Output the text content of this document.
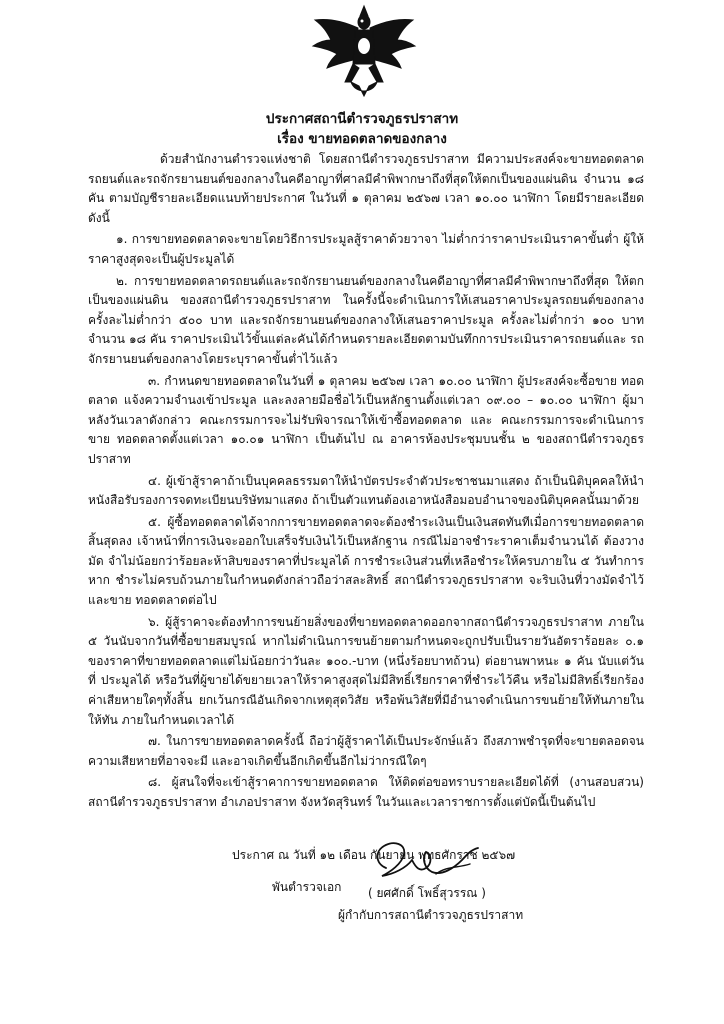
ประกาศสถานีตำรวจภูธรปราสาท
เรื่อง ขายทอดตลาดของกลาง

ด้วยสำนักงานตำรวจแห่งชาติ โดยสถานีตำรวจภูธรปราสาท มีความประสงค์จะขายทอดตลาด รถยนต์และรถจักรยานยนต์ของกลางในคดีอาญาที่ศาลมีคำพิพากษาถึงที่สุดให้ตกเป็นของแผ่นดิน จำนวน ๑๘ คัน ตามบัญชีรายละเอียดแนบท้ายประกาศ ในวันที่ ๑ ตุลาคม ๒๕๖๗ เวลา ๑๐.๐๐ นาฬิกา โดยมีรายละเอียด ดังนี้

๑. การขายทอดตลาดจะขายโดยวิธีการประมูลสู้ราคาด้วยวาจา ไม่ต่ำกว่าราคาประเมินราคาขั้นต่ำ ผู้ให้ราคาสูงสุดจะเป็นผู้ประมูลได้

๒. การขายทอดตลาดรถยนต์และรถจักรยานยนต์ของกลางในคดีอาญาที่ศาลมีคำพิพากษาถึงที่สุด ให้ตกเป็นของแผ่นดิน ของสถานีตำรวจภูธรปราสาท ในครั้งนี้จะดำเนินการให้เสนอราคาประมูลรถยนต์ของกลาง ครั้งละไม่ต่ำกว่า ๕๐๐ บาท และรถจักรยานยนต์ของกลางให้เสนอราคาประมูล ครั้งละไม่ต่ำกว่า ๑๐๐ บาท จำนวน ๑๘ คัน ราคาประเมินไว้ขั้นแต่ละคันได้กำหนดรายละเอียดตามบันทึกการประเมินราคารถยนต์และ รถจักรยานยนต์ของกลางโดยระบุราคาขั้นต่ำไว้แล้ว

๓. กำหนดขายทอดตลาดในวันที่ ๑ ตุลาคม ๒๕๖๗ เวลา ๑๐.๐๐ นาฬิกา ผู้ประสงค์จะซื้อขาย ทอดตลาด แจ้งความจำนงเข้าประมูล และลงลายมือชื่อไว้เป็นหลักฐานตั้งแต่เวลา ๐๙.๐๐ – ๑๐.๐๐ นาฬิกา ผู้มา หลังวันเวลาดังกล่าว คณะกรรมการจะไม่รับพิจารณาให้เข้าซื้อทอดตลาด และ คณะกรรมการจะดำเนินการขาย ทอดตลาดตั้งแต่เวลา ๑๐.๐๑ นาฬิกา เป็นต้นไป ณ อาคารห้องประชุมบนชั้น ๒ ของสถานีตำรวจภูธรปราสาท

๔. ผู้เข้าสู้ราคาถ้าเป็นบุคคลธรรมดาให้นำบัตรประจำตัวประชาชนมาแสดง ถ้าเป็นนิติบุคคลให้นำ หนังสือรับรองการจดทะเบียนบริษัทมาแสดง ถ้าเป็นตัวแทนต้องเอาหนังสือมอบอำนาจของนิติบุคคลนั้นมาด้วย

๕. ผู้ซื้อทอดตลาดได้จากการขายทอดตลาดจะต้องชำระเงินเป็นเงินสดทันทีเมื่อการขายทอดตลาด สิ้นสุดลง เจ้าหน้าที่การเงินจะออกใบเสร็จรับเงินไว้เป็นหลักฐาน กรณีไม่อาจชำระราคาเต็มจำนวนได้ ต้องวางมัด จำไม่น้อยกว่าร้อยละห้าสิบของราคาที่ประมูลได้ การชำระเงินส่วนที่เหลือชำระให้ครบภายใน ๕ วันทำการ หาก ชำระไม่ครบถ้วนภายในกำหนดดังกล่าวถือว่าสละสิทธิ์ สถานีตำรวจภูธรปราสาท จะริบเงินที่วางมัดจำไว้ และขาย ทอดตลาดต่อไป

๖. ผู้สู้ราคาจะต้องทำการขนย้ายสิ่งของที่ขายทอดตลาดออกจากสถานีตำรวจภูธรปราสาท ภายใน ๕ วันนับจากวันที่ซื้อขายสมบูรณ์ หากไม่ดำเนินการขนย้ายตามกำหนดจะถูกปรับเป็นรายวันอัตราร้อยละ ๐.๑ ของราคาที่ขายทอดตลาดแต่ไม่น้อยกว่าวันละ ๑๐๐.-บาท (หนึ่งร้อยบาทถ้วน) ต่อยานพาหนะ ๑ คัน นับแต่วันที่ ประมูลได้ หรือวันที่ผู้ขายได้ขยายเวลาให้ราคาสูงสุดไม่มีสิทธิ์เรียกราคาที่ชำระไว้คืน หรือไม่มีสิทธิ์เรียกร้อง ค่าเสียหายใดๆทั้งสิ้น ยกเว้นกรณีอันเกิดจากเหตุสุดวิสัย หรือพ้นวิสัยที่มีอำนาจดำเนินการขนย้ายให้ทันภายในให้ทัน ภายในกำหนดเวลาได้

๗. ในการขายทอดตลาดครั้งนี้ ถือว่าผู้สู้ราคาได้เป็นประจักษ์แล้ว ถึงสภาพชำรุดที่จะขายตลอดจน ความเสียหายที่อาจจะมี และอาจเกิดขึ้นอีกเกิดขึ้นอีกไม่ว่ากรณีใดๆ

๘. ผู้สนใจที่จะเข้าสู้ราคาการขายทอดตลาด ให้ติดต่อขอทราบรายละเอียดได้ที่ (งานสอบสวน) สถานีตำรวจภูธรปราสาท อำเภอปราสาท จังหวัดสุรินทร์ ในวันและเวลาราชการตั้งแต่บัดนี้เป็นต้นไป

ประกาศ ณ วันที่ ๑๒ เดือน กันยายน พุทธศักราช ๒๕๖๗
พันตำรวจเอก ( ยศศักดิ์ โพธิ์สุวรรณ )
ผู้กำกับการสถานีตำรวจภูธรปราสาท
